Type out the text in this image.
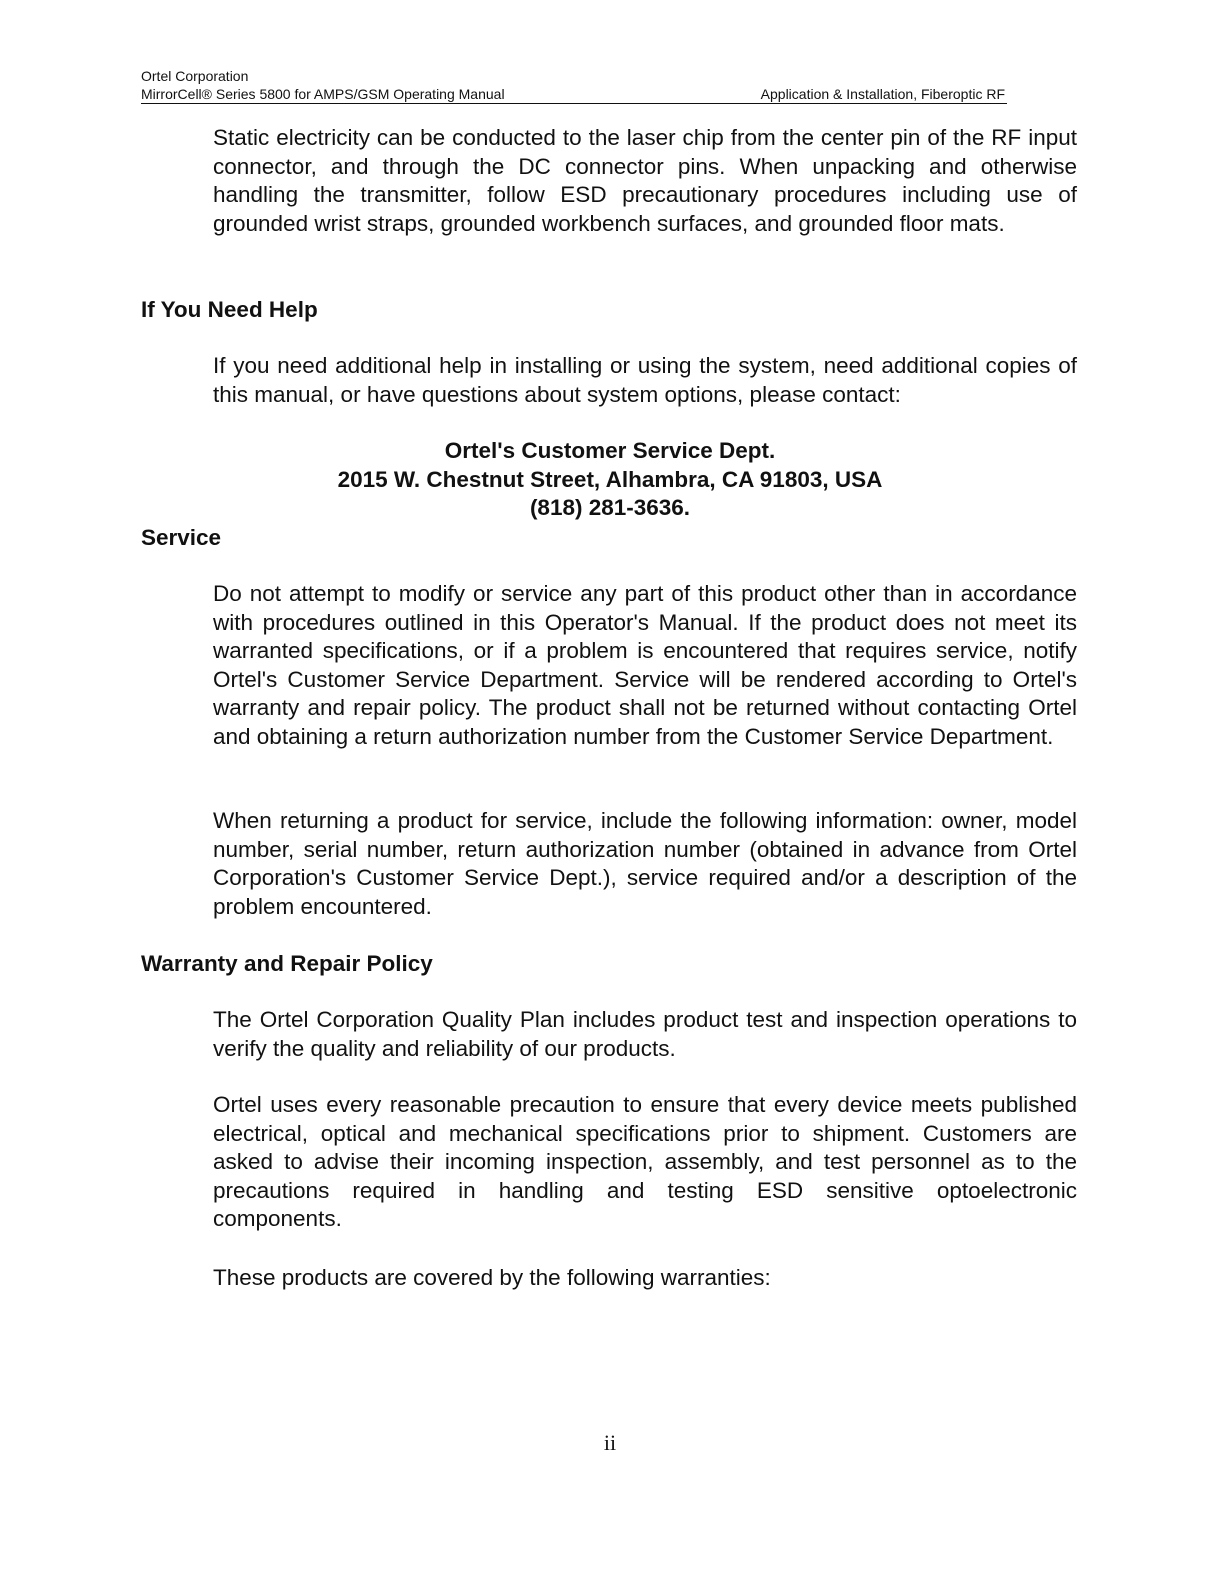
Ortel Corporation
MirrorCell® Series 5800 for AMPS/GSM Operating Manual	Application & Installation, Fiberoptic RF

Static electricity can be conducted to the laser chip from the center pin of the RF input connector, and through the DC connector pins. When unpacking and otherwise handling the transmitter, follow ESD precautionary procedures including use of grounded wrist straps, grounded workbench surfaces, and grounded floor mats.

If You Need Help

If you need additional help in installing or using the system, need additional copies of this manual, or have questions about system options, please contact:

Ortel's Customer Service Dept.
2015 W. Chestnut Street, Alhambra, CA 91803, USA
(818) 281-3636.
Service

Do not attempt to modify or service any part of this product other than in accordance with procedures outlined in this Operator's Manual. If the product does not meet its warranted specifications, or if a problem is encountered that requires service, notify Ortel's Customer Service Department. Service will be rendered according to Ortel's warranty and repair policy. The product shall not be returned without contacting Ortel and obtaining a return authorization number from the Customer Service Department.

When returning a product for service, include the following information: owner, model number, serial number, return authorization number (obtained in advance from Ortel Corporation's Customer Service Dept.), service required and/or a description of the problem encountered.

Warranty and Repair Policy

The Ortel Corporation Quality Plan includes product test and inspection operations to verify the quality and reliability of our products.

Ortel uses every reasonable precaution to ensure that every device meets published electrical, optical and mechanical specifications prior to shipment. Customers are asked to advise their incoming inspection, assembly, and test personnel as to the precautions required in handling and testing ESD sensitive optoelectronic components.

These products are covered by the following warranties:

ii
